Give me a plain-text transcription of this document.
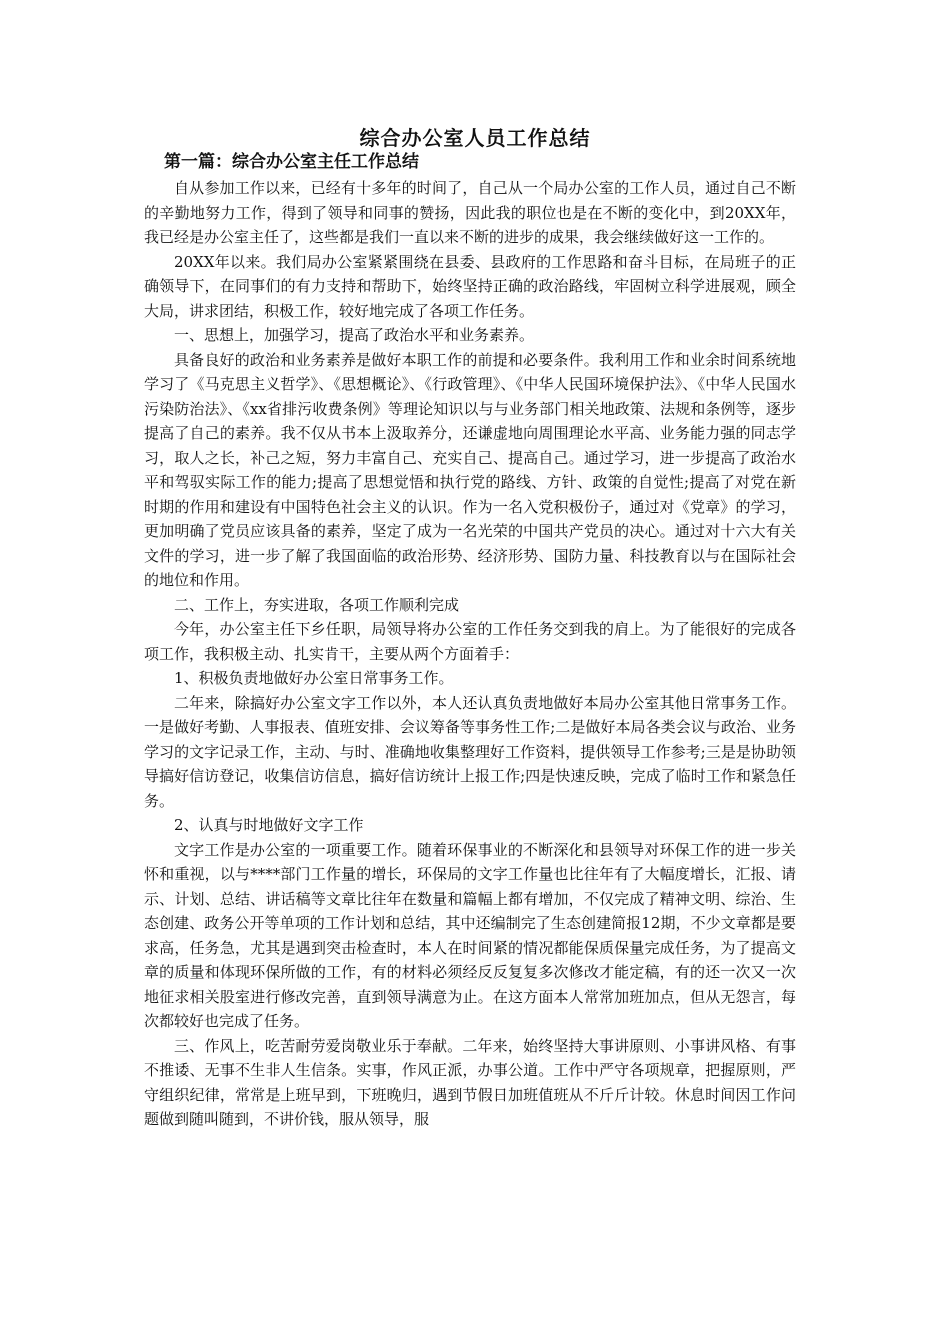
综合办公室人员工作总结
第一篇：综合办公室主任工作总结

自从参加工作以来，已经有十多年的时间了，自己从一个局办公室的工作人员，通过自己不断的辛勤地努力工作，得到了领导和同事的赞扬，因此我的职位也是在不断的变化中，到20XX年，我已经是办公室主任了，这些都是我们一直以来不断的进步的成果，我会继续做好这一工作的。

20XX年以来。我们局办公室紧紧围绕在县委、县政府的工作思路和奋斗目标，在局班子的正确领导下，在同事们的有力支持和帮助下，始终坚持正确的政治路线，牢固树立科学进展观，顾全大局，讲求团结，积极工作，较好地完成了各项工作任务。

一、思想上，加强学习，提高了政治水平和业务素养。

具备良好的政治和业务素养是做好本职工作的前提和必要条件。我利用工作和业余时间系统地学习了《马克思主义哲学》、《思想概论》、《行政管理》、《中华人民国环境保护法》、《中华人民国水污染防治法》、《xx省排污收费条例》等理论知识以与与业务部门相关地政策、法规和条例等，逐步提高了自己的素养。我不仅从书本上汲取养分，还谦虚地向周围理论水平高、业务能力强的同志学习，取人之长，补己之短，努力丰富自己、充实自己、提高自己。通过学习，进一步提高了政治水平和驾驭实际工作的能力;提高了思想觉悟和执行党的路线、方针、政策的自觉性;提高了对党在新时期的作用和建设有中国特色社会主义的认识。作为一名入党积极份子，通过对《党章》的学习，更加明确了党员应该具备的素养，坚定了成为一名光荣的中国共产党员的决心。通过对十六大有关文件的学习，进一步了解了我国面临的政治形势、经济形势、国防力量、科技教育以与在国际社会的地位和作用。

二、工作上，夯实进取，各项工作顺利完成

今年，办公室主任下乡任职，局领导将办公室的工作任务交到我的肩上。为了能很好的完成各项工作，我积极主动、扎实肯干，主要从两个方面着手：

1、积极负责地做好办公室日常事务工作。

二年来，除搞好办公室文字工作以外，本人还认真负责地做好本局办公室其他日常事务工作。一是做好考勤、人事报表、值班安排、会议筹备等事务性工作;二是做好本局各类会议与政治、业务学习的文字记录工作，主动、与时、准确地收集整理好工作资料，提供领导工作参考;三是是协助领导搞好信访登记，收集信访信息，搞好信访统计上报工作;四是快速反映，完成了临时工作和紧急任务。

2、认真与时地做好文字工作

文字工作是办公室的一项重要工作。随着环保事业的不断深化和县领导对环保工作的进一步关怀和重视，以与****部门工作量的增长，环保局的文字工作量也比往年有了大幅度增长，汇报、请示、计划、总结、讲话稿等文章比往年在数量和篇幅上都有增加，不仅完成了精神文明、综治、生态创建、政务公开等单项的工作计划和总结，其中还编制完了生态创建简报12期，不少文章都是要求高，任务急，尤其是遇到突击检查时，本人在时间紧的情况都能保质保量完成任务，为了提高文章的质量和体现环保所做的工作，有的材料必须经反反复复多次修改才能定稿，有的还一次又一次地征求相关股室进行修改完善，直到领导满意为止。在这方面本人常常加班加点，但从无怨言，每次都较好也完成了任务。

三、作风上，吃苦耐劳爱岗敬业乐于奉献。二年来，始终坚持大事讲原则、小事讲风格、有事不推诿、无事不生非人生信条。实事，作风正派，办事公道。工作中严守各项规章，把握原则，严守组织纪律，常常是上班早到，下班晚归，遇到节假日加班值班从不斤斤计较。休息时间因工作问题做到随叫随到，不讲价钱，服从领导，服
